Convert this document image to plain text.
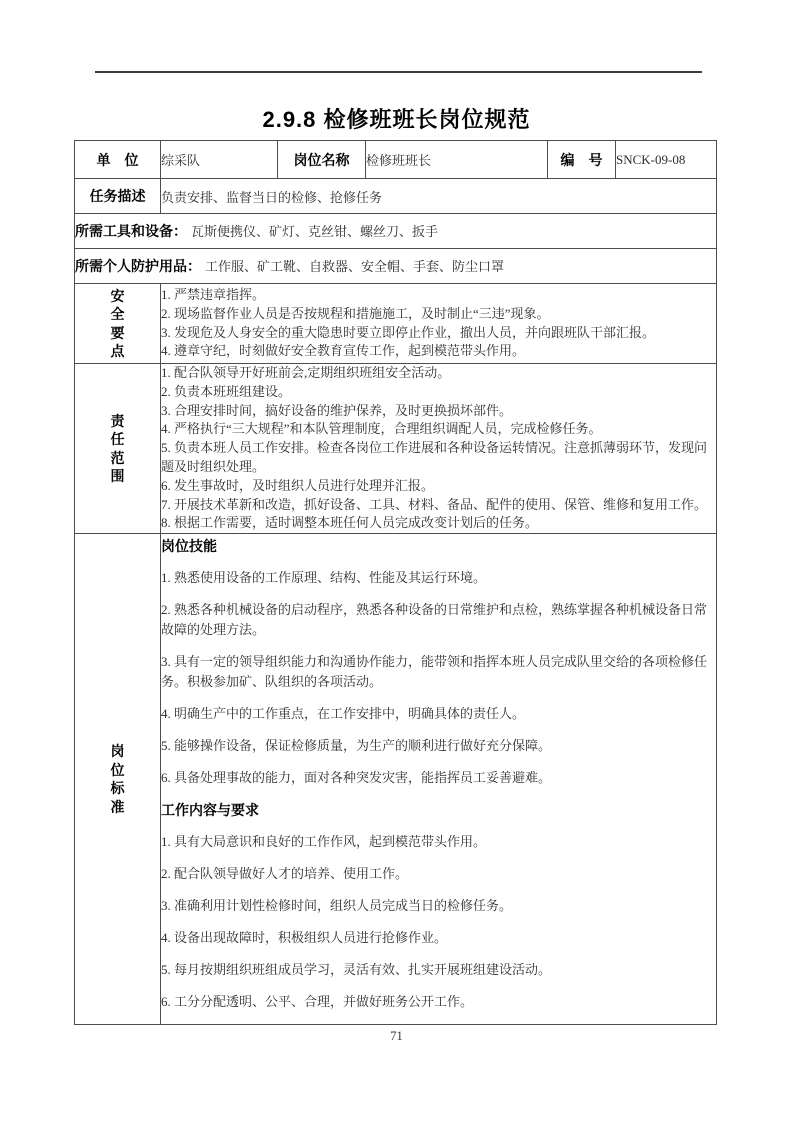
2.9.8 检修班班长岗位规范
单　位	综采队	岗位名称	检修班班长	编　号	SNCK-09-08
任务描述	负责安排、监督当日的检修、抢修任务				
所需工具和设备： 瓦斯便携仪、矿灯、克丝钳、螺丝刀、扳手					
所需个人防护用品： 工作服、矿工靴、自救器、安全帽、手套、防尘口罩					

安全要点	1. 严禁违章指挥。
2. 现场监督作业人员是否按规程和措施施工，及时制止“三违”现象。
3. 发现危及人身安全的重大隐患时要立即停止作业，撤出人员，并向跟班队干部汇报。
4. 遵章守纪，时刻做好安全教育宣传工作，起到模范带头作用。				

责任范围

1. 配合队领导开好班前会,定期组织班组安全活动。
2. 负责本班班组建设。
3. 合理安排时间，搞好设备的维护保养，及时更换损坏部件。
4. 严格执行“三大规程”和本队管理制度，合理组织调配人员，完成检修任务。
5. 负责本班人员工作安排。检查各岗位工作进展和各种设备运转情况。注意抓薄弱环节，发现问题及时组织处理。
6. 发生事故时，及时组织人员进行处理并汇报。
7. 开展技术革新和改造，抓好设备、工具、材料、备品、配件的使用、保管、维修和复用工作。
8. 根据工作需要，适时调整本班任何人员完成改变计划后的任务。

岗位标准

岗位技能
1. 熟悉使用设备的工作原理、结构、性能及其运行环境。
2. 熟悉各种机械设备的启动程序，熟悉各种设备的日常维护和点检，熟练掌握各种机械设备日常故障的处理方法。
3. 具有一定的领导组织能力和沟通协作能力，能带领和指挥本班人员完成队里交给的各项检修任务。积极参加矿、队组织的各项活动。
4. 明确生产中的工作重点，在工作安排中，明确具体的责任人。
5. 能够操作设备，保证检修质量，为生产的顺利进行做好充分保障。
6. 具备处理事故的能力，面对各种突发灾害，能指挥员工妥善避难。
工作内容与要求
1. 具有大局意识和良好的工作作风，起到模范带头作用。
2. 配合队领导做好人才的培养、使用工作。
3. 准确利用计划性检修时间，组织人员完成当日的检修任务。
4. 设备出现故障时，积极组织人员进行抢修作业。
5. 每月按期组织班组成员学习，灵活有效、扎实开展班组建设活动。
6. 工分分配透明、公平、合理，并做好班务公开工作。
71
